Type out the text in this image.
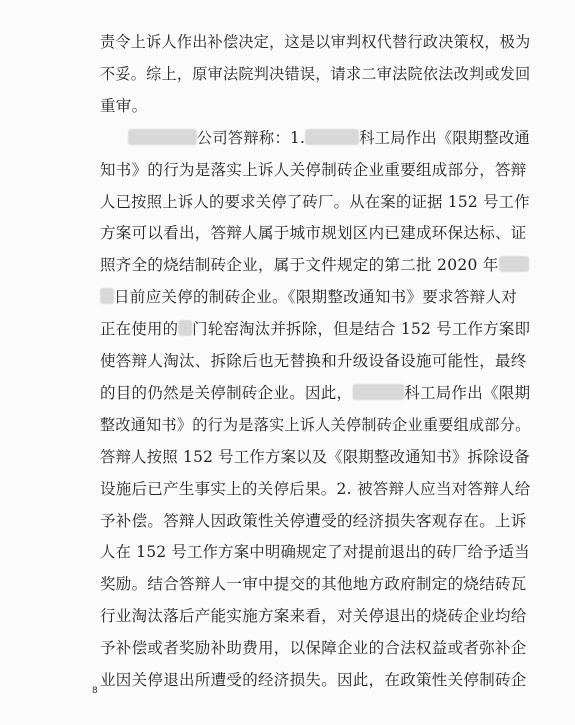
责令上诉人作出补偿决定，这是以审判权代替行政决策权，极为
不妥。综上，原审法院判决错误，请求二审法院依法改判或发回
重审。
公司答辩称：1.	科工局作出《限期整改通
知书》的行为是落实上诉人关停制砖企业重要组成部分，答辩
人已按照上诉人的要求关停了砖厂。从在案的证据 152 号工作
方案可以看出，答辩人属于城市规划区内已建成环保达标、证
照齐全的烧结制砖企业，属于文件规定的第二批 2020 年
日前应关停的制砖企业。《限期整改通知书》要求答辩人对
正在使用的 门轮窑淘汰并拆除，但是结合 152 号工作方案即
使答辩人淘汰、拆除后也无替换和升级设备设施可能性，最终
的目的仍然是关停制砖企业。因此，	科工局作出《限期
整改通知书》的行为是落实上诉人关停制砖企业重要组成部分。
答辩人按照 152 号工作方案以及《限期整改通知书》拆除设备
设施后已产生事实上的关停后果。2. 被答辩人应当对答辩人给
予补偿。答辩人因政策性关停遭受的经济损失客观存在。上诉
人在 152 号工作方案中明确规定了对提前退出的砖厂给予适当
奖励。结合答辩人一审中提交的其他地方政府制定的烧结砖瓦
行业淘汰落后产能实施方案来看，对关停退出的烧砖企业均给
予补偿或者奖励补助费用，以保障企业的合法权益或者弥补企
业因关停退出所遭受的经济损失。因此，在政策性关停制砖企
8
